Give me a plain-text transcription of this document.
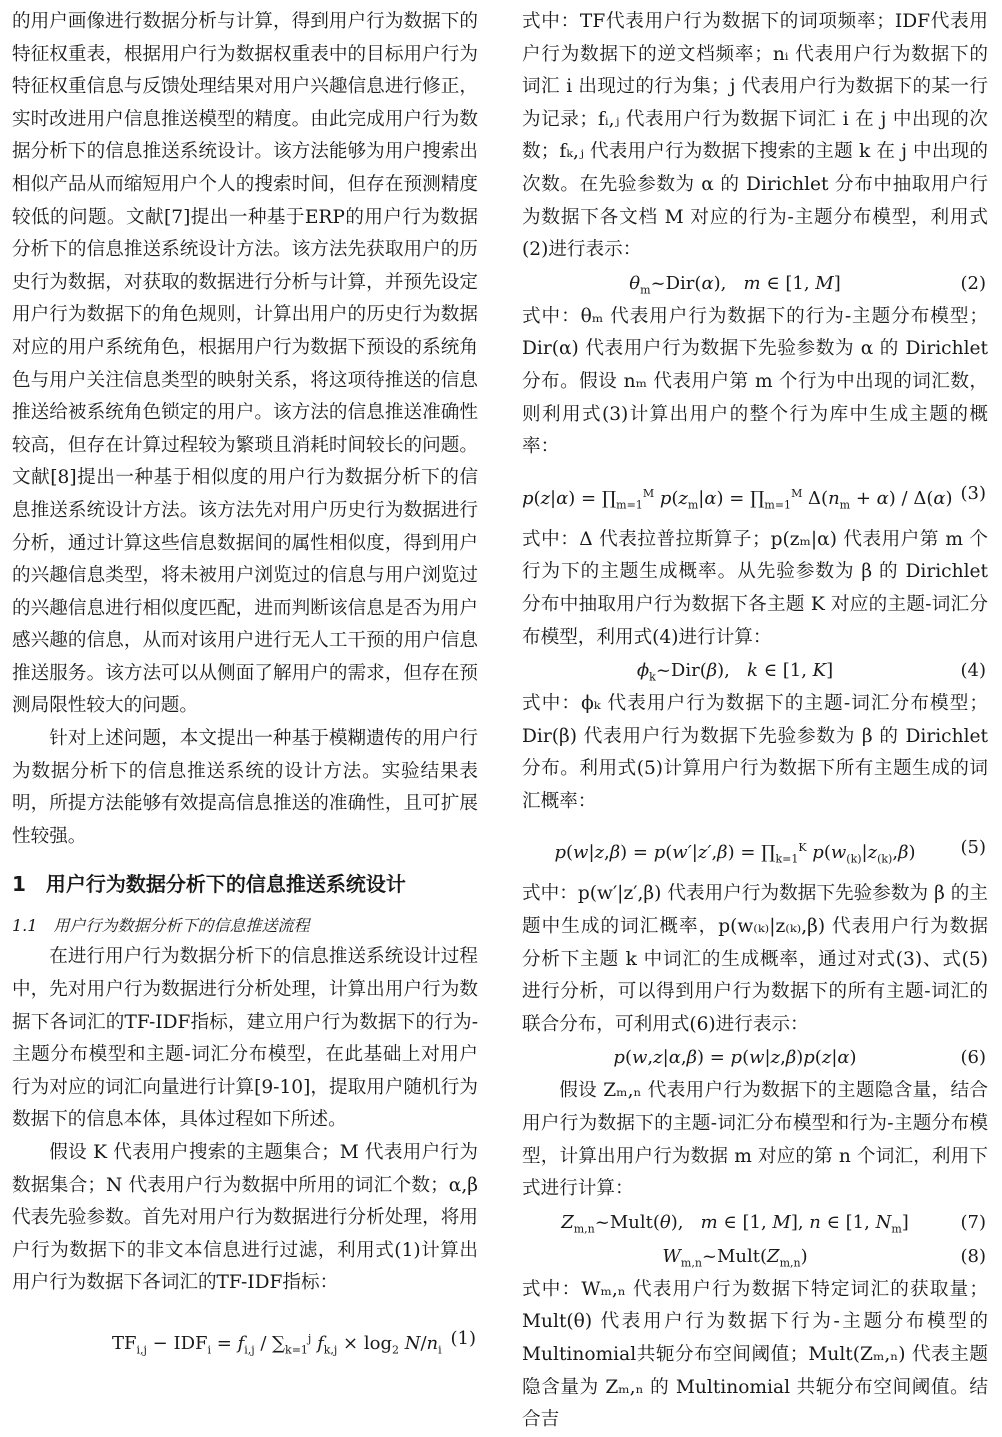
的用户画像进行数据分析与计算，得到用户行为数据下的特征权重表，根据用户行为数据权重表中的目标用户行为特征权重信息与反馈处理结果对用户兴趣信息进行修正，实时改进用户信息推送模型的精度。由此完成用户行为数据分析下的信息推送系统设计。该方法能够为用户搜索出相似产品从而缩短用户个人的搜索时间，但存在预测精度较低的问题。文献[7]提出一种基于ERP的用户行为数据分析下的信息推送系统设计方法。该方法先获取用户的历史行为数据，对获取的数据进行分析与计算，并预先设定用户行为数据下的角色规则，计算出用户的历史行为数据对应的用户系统角色，根据用户行为数据下预设的系统角色与用户关注信息类型的映射关系，将这项待推送的信息推送给被系统角色锁定的用户。该方法的信息推送准确性较高，但存在计算过程较为繁琐且消耗时间较长的问题。文献[8]提出一种基于相似度的用户行为数据分析下的信息推送系统设计方法。该方法先对用户历史行为数据进行分析，通过计算这些信息数据间的属性相似度，得到用户的兴趣信息类型，将未被用户浏览过的信息与用户浏览过的兴趣信息进行相似度匹配，进而判断该信息是否为用户感兴趣的信息，从而对该用户进行无人工干预的用户信息推送服务。该方法可以从侧面了解用户的需求，但存在预测局限性较大的问题。

针对上述问题，本文提出一种基于模糊遗传的用户行为数据分析下的信息推送系统的设计方法。实验结果表明，所提方法能够有效提高信息推送的准确性，且可扩展性较强。

1　用户行为数据分析下的信息推送系统设计
1.1　用户行为数据分析下的信息推送流程

在进行用户行为数据分析下的信息推送系统设计过程中，先对用户行为数据进行分析处理，计算出用户行为数据下各词汇的TF-IDF指标，建立用户行为数据下的行为-主题分布模型和主题-词汇分布模型，在此基础上对用户行为对应的词汇向量进行计算[9-10]，提取用户随机行为数据下的信息本体，具体过程如下所述。

假设 K 代表用户搜索的主题集合；M 代表用户行为数据集合；N 代表用户行为数据中所用的词汇个数；α,β 代表先验参数。首先对用户行为数据进行分析处理，将用户行为数据下的非文本信息进行过滤，利用式(1)计算出用户行为数据下各词汇的TF-IDF指标：

$TF_{i,j} - IDF_i = f_{i,j} / \sum_{k=1}^j$ $f_{k,j} \times \log_2 N/n_i$
(1)

式中：TF代表用户行为数据下的词项频率；IDF代表用户行为数据下的逆文档频率；nᵢ 代表用户行为数据下的词汇 i 出现过的行为集；j 代表用户行为数据下的某一行为记录；fᵢ,ⱼ 代表用户行为数据下词汇 i 在 j 中出现的次数；fₖ,ⱼ 代表用户行为数据下搜索的主题 k 在 j 中出现的次数。在先验参数为 α 的 Dirichlet 分布中抽取用户行为数据下各文档 M 对应的行为-主题分布模型，利用式(2)进行表示：

$\theta_m\sim Dir(\alpha)$,   m ∈ [1, M]	(2)

式中：θₘ 代表用户行为数据下的行为-主题分布模型；Dir(α) 代表用户行为数据下先验参数为 α 的 Dirichlet 分布。假设 nₘ 代表用户第 m 个行为中出现的词汇数，则利用式(3)计算出用户的整个行为库中生成主题的概率：

$p(z|\alpha) = \prod_{m=1}^M$ $p(z_m|\alpha)$ = $\prod_{m=1}^M$ $\Delta(n_m + \alpha) / \Delta(\alpha)$ (3)

式中：Δ 代表拉普拉斯算子；p(zₘ|α) 代表用户第 m 个行为下的主题生成概率。从先验参数为 β 的 Dirichlet 分布中抽取用户行为数据下各主题 K 对应的主题-词汇分布模型，利用式(4)进行计算：

$\phi_k\sim Dir(\beta)$,   k ∈ [1, K]	(4)

式中：ϕₖ 代表用户行为数据下的主题-词汇分布模型；Dir(β) 代表用户行为数据下先验参数为 β 的 Dirichlet 分布。利用式(5)计算用户行为数据下所有主题生成的词汇概率：

$p(w|z,\beta) = p(w'|z',\beta) = \prod_{k=1}^K$ $p(w_{(k)}|z_{(k)},\beta)$	(5)

式中：p(w′|z′,β) 代表用户行为数据下先验参数为 β 的主题中生成的词汇概率，p(w₍ₖ₎|z₍ₖ₎,β) 代表用户行为数据分析下主题 k 中词汇的生成概率，通过对式(3)、式(5)进行分析，可以得到用户行为数据下的所有主题-词汇的联合分布，可利用式(6)进行表示：

p(w,z|α,β) = p(w|z,β)p(z|α)	(6)

假设 Zₘ,ₙ 代表用户行为数据下的主题隐含量，结合用户行为数据下的主题-词汇分布模型和行为-主题分布模型，计算出用户行为数据 m 对应的第 n 个词汇，利用下式进行计算：

$Z_{m,n}\sim Mult(\theta)$,   m ∈ [1, M], n ∈ [1, $N_m$]	(7)
$W_{m,n}\sim Mult(Z_{m,n})$	(8)

式中：Wₘ,ₙ 代表用户行为数据下特定词汇的获取量；Mult(θ) 代表用户行为数据下行为-主题分布模型的Multinomial共轭分布空间阈值；Mult(Zₘ,ₙ) 代表主题隐含量为 Zₘ,ₙ 的 Multinomial 共轭分布空间阈值。结合吉
